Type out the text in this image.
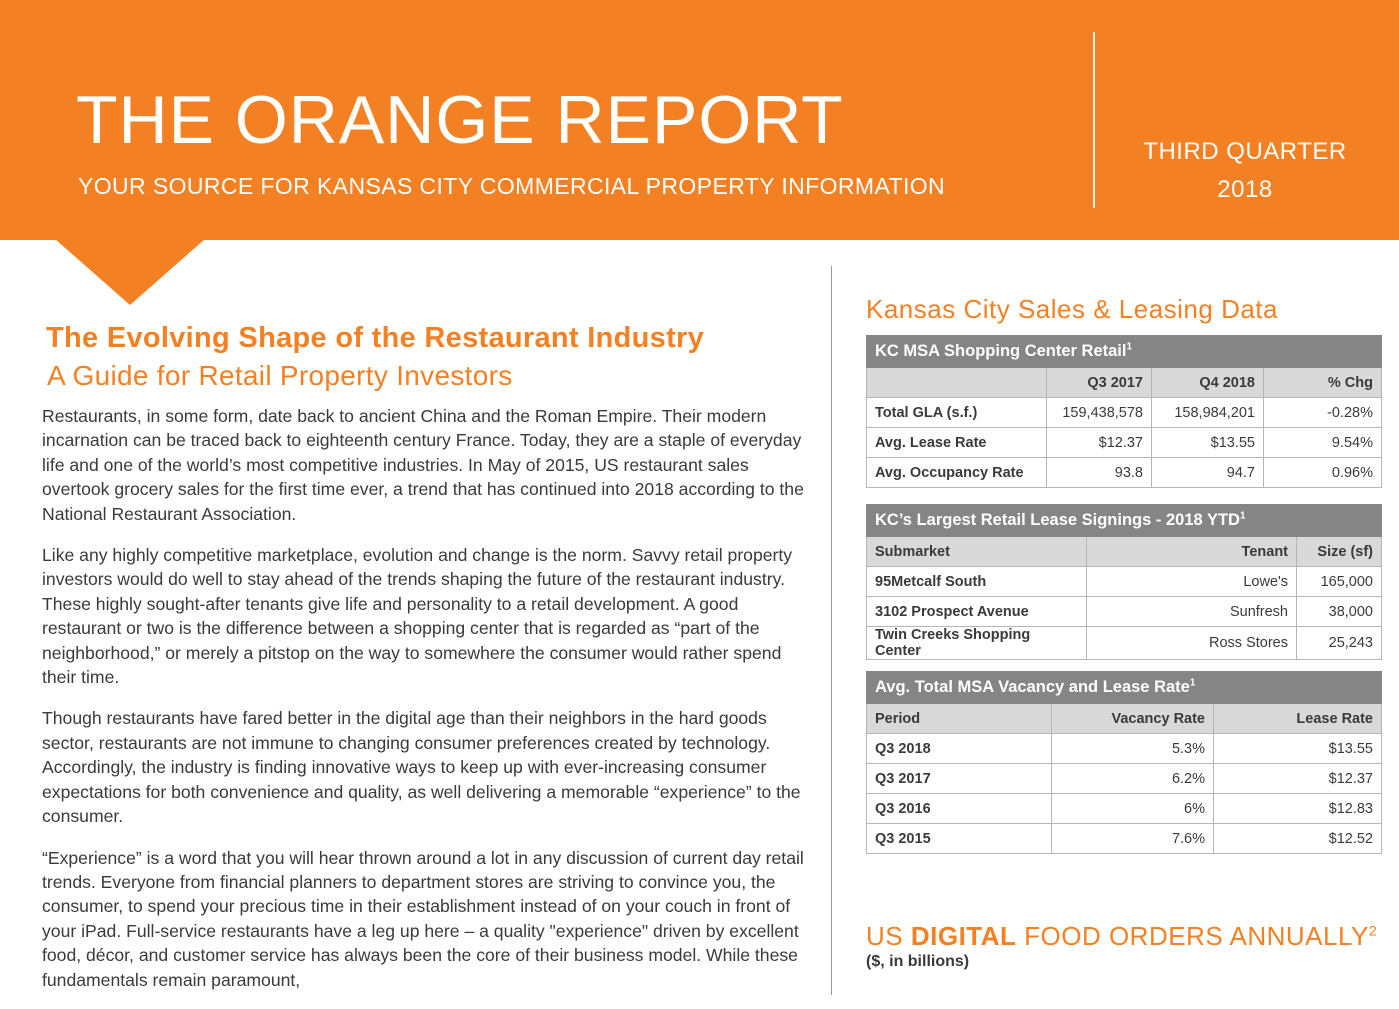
THE ORANGE REPORT
YOUR SOURCE FOR KANSAS CITY COMMERCIAL PROPERTY INFORMATION
THIRD QUARTER
2018
The Evolving Shape of the Restaurant Industry
A Guide for Retail Property Investors

Restaurants, in some form, date back to ancient China and the Roman Empire. Their modern incarnation can be traced back to eighteenth century France. Today, they are a staple of everyday life and one of the world’s most competitive industries. In May of 2015, US restaurant sales overtook grocery sales for the first time ever, a trend that has continued into 2018 according to the National Restaurant Association.

Like any highly competitive marketplace, evolution and change is the norm. Savvy retail property investors would do well to stay ahead of the trends shaping the future of the restaurant industry. These highly sought-after tenants give life and personality to a retail development. A good restaurant or two is the difference between a shopping center that is regarded as “part of the neighborhood,” or merely a pitstop on the way to somewhere the consumer would rather spend their time.

Though restaurants have fared better in the digital age than their neighbors in the hard goods sector, restaurants are not immune to changing consumer preferences created by technology. Accordingly, the industry is finding innovative ways to keep up with ever-increasing consumer expectations for both convenience and quality, as well delivering a memorable “experience” to the consumer.

“Experience” is a word that you will hear thrown around a lot in any discussion of current day retail trends. Everyone from financial planners to department stores are striving to convince you, the consumer, to spend your precious time in their establishment instead of on your couch in front of your iPad. Full-service restaurants have a leg up here – a quality "experience" driven by excellent food, décor, and customer service has always been the core of their business model. While these fundamentals remain paramount,

Kansas City Sales & Leasing Data
KC MSA Shopping Center Retail$^1$
	Q3 2017	Q4 2018	% Chg
Total GLA (s.f.)	159,438,578	158,984,201	-0.28%
Avg. Lease Rate	$12.37	$13.55	9.54%
Avg. Occupancy Rate	93.8	94.7	0.96%
KC’s Largest Retail Lease Signings - 2018 YTD$^1$
Submarket	Tenant	Size (sf)
95Metcalf South	Lowe's	165,000
3102 Prospect Avenue	Sunfresh	38,000
Twin Creeks Shopping Center	Ross Stores	25,243
Avg. Total MSA Vacancy and Lease Rate$^1$
Period	Vacancy Rate	Lease Rate
Q3 2018	5.3%	$13.55
Q3 2017	6.2%	$12.37
Q3 2016	6%	$12.83
Q3 2015	7.6%	$12.52
US DIGITAL FOOD ORDERS ANNUALLY$^2$
($, in billions)
